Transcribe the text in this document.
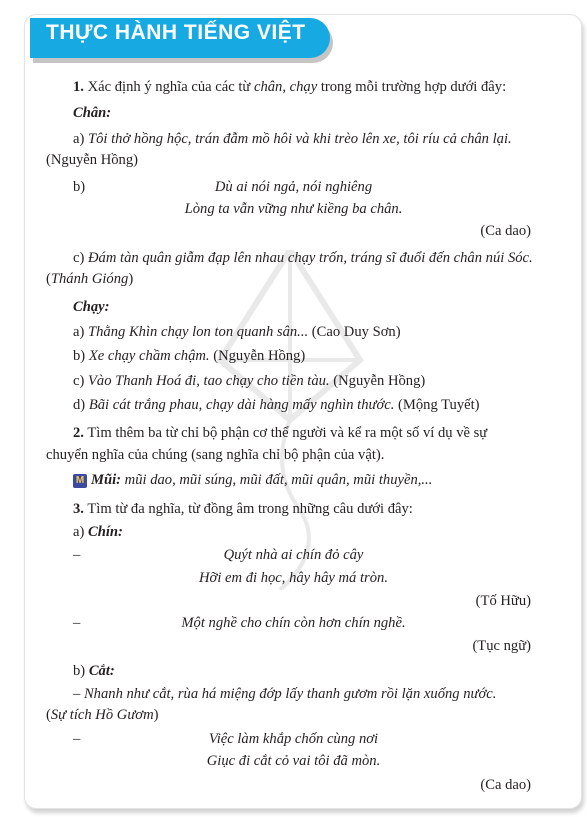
THỰC HÀNH TIẾNG VIỆT
1. Xác định ý nghĩa của các từ chân, chạy trong mỗi trường hợp dưới đây:
Chân:
a) Tôi thở hồng hộc, trán đẫm mồ hôi và khi trèo lên xe, tôi ríu cả chân lại.
(Nguyễn Hồng)
b)	Dù ai nói ngả, nói nghiêng
Lòng ta vẫn vững như kiềng ba chân.
(Ca dao)
c) Đám tàn quân giẫm đạp lên nhau chạy trốn, tráng sĩ đuổi đến chân núi Sóc.
(Thánh Gióng)
Chạy:
a) Thằng Khìn chạy lon ton quanh sân... (Cao Duy Sơn)
b) Xe chạy chầm chậm. (Nguyễn Hồng)
c) Vào Thanh Hoá đi, tao chạy cho tiền tàu. (Nguyễn Hồng)
d) Bãi cát trắng phau, chạy dài hàng mấy nghìn thước. (Mộng Tuyết)
2. Tìm thêm ba từ chỉ bộ phận cơ thể người và kể ra một số ví dụ về sự
chuyển nghĩa của chúng (sang nghĩa chỉ bộ phận của vật).
M Mũi: mũi dao, mũi súng, mũi đất, mũi quân, mũi thuyền,...
3. Tìm từ đa nghĩa, từ đồng âm trong những câu dưới đây:
a) Chín:
–	Quýt nhà ai chín đỏ cây
Hỡi em đi học, hây hây má tròn.
(Tố Hữu)
–	Một nghề cho chín còn hơn chín nghề.
(Tục ngữ)
b) Cắt:
– Nhanh như cắt, rùa há miệng đớp lấy thanh gươm rồi lặn xuống nước.
(Sự tích Hồ Gươm)
–	Việc làm khắp chốn cùng nơi
Giục đi cắt cỏ vai tôi đã mòn.
(Ca dao)
